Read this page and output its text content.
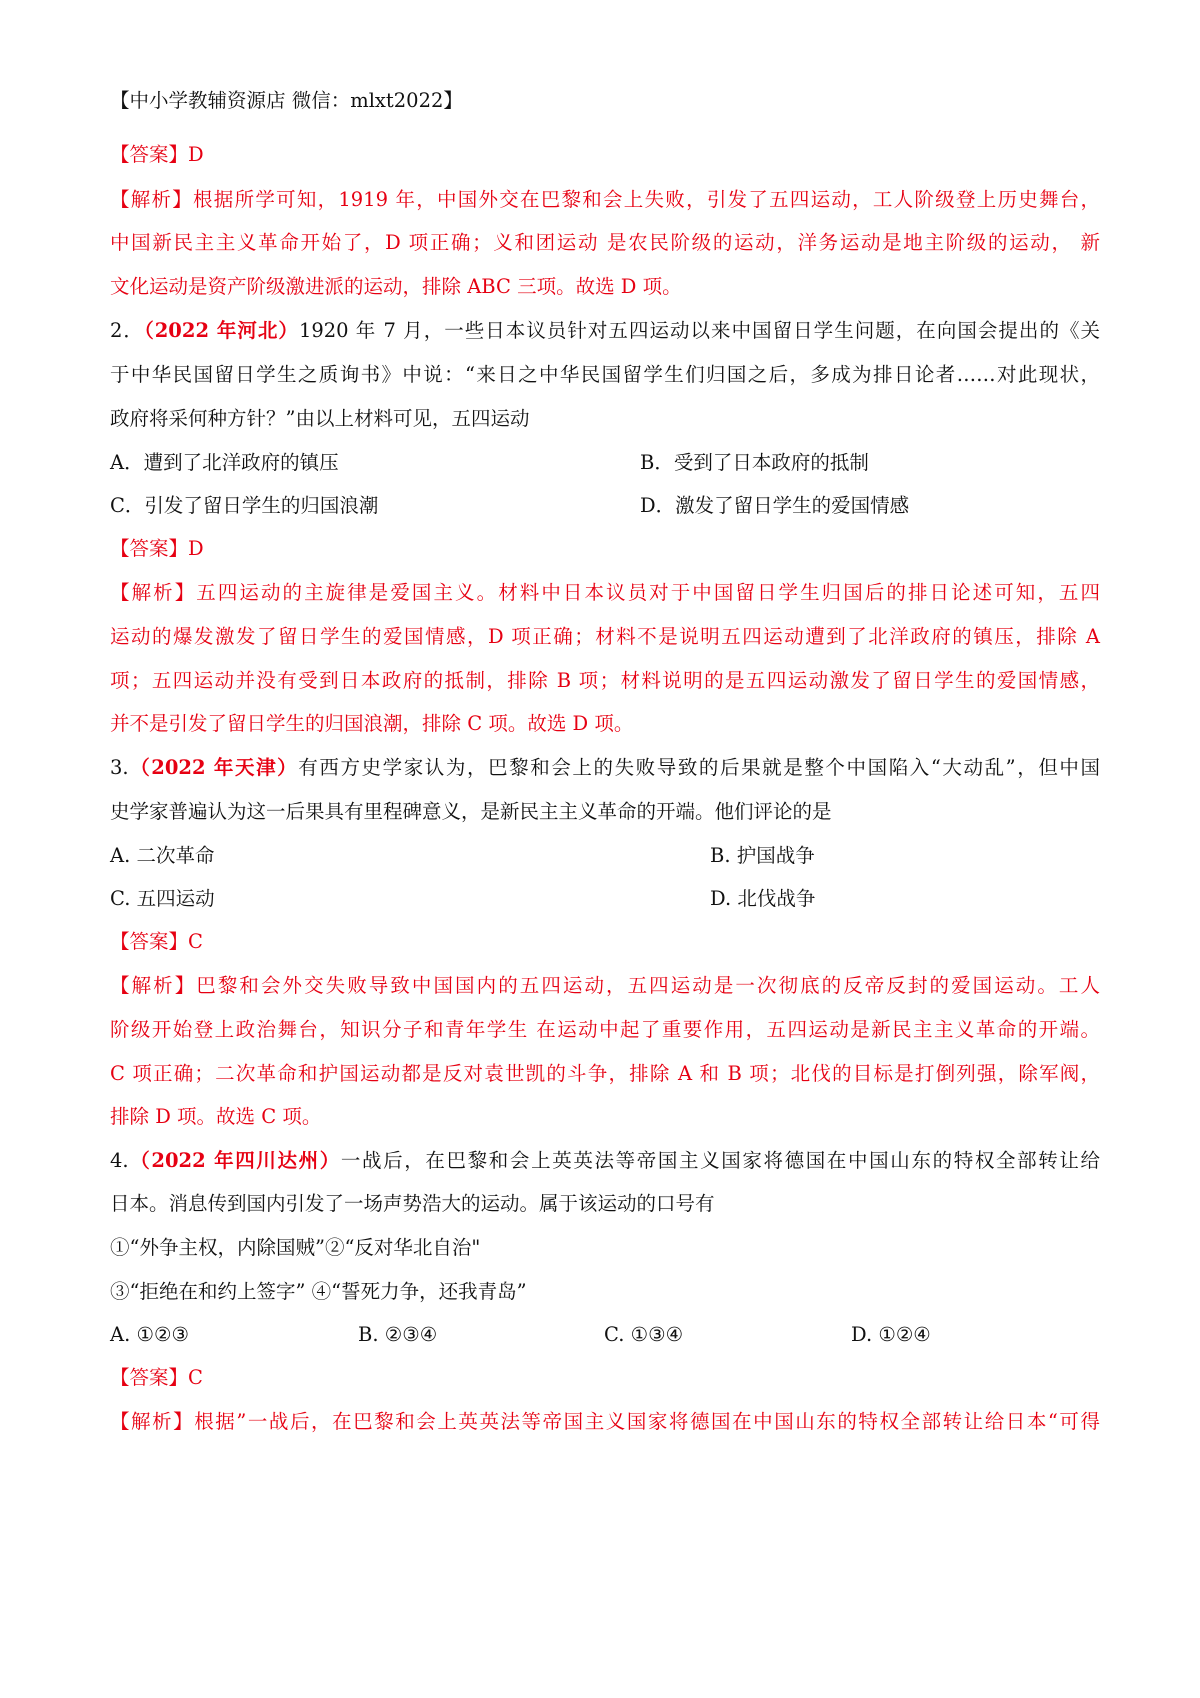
【中小学教辅资源店 微信：mlxt2022】
【答案】D
【解析】根据所学可知，1919 年，中国外交在巴黎和会上失败，引发了五四运动，工人阶级登上历史舞台，
中国新民主主义革命开始了，D 项正确；义和团运动 是农民阶级的运动，洋务运动是地主阶级的运动， 新
文化运动是资产阶级激进派的运动，排除 ABC 三项。故选 D 项。
2．（2022 年河北）1920 年 7 月，一些日本议员针对五四运动以来中国留日学生问题，在向国会提出的《关
于中华民国留日学生之质询书》中说：“来日之中华民国留学生们归国之后，多成为排日论者……对此现状，
政府将采何种方针？”由以上材料可见，五四运动
A．遭到了北洋政府的镇压	B．受到了日本政府的抵制
C．引发了留日学生的归国浪潮	D．激发了留日学生的爱国情感
【答案】D
【解析】五四运动的主旋律是爱国主义。材料中日本议员对于中国留日学生归国后的排日论述可知，五四
运动的爆发激发了留日学生的爱国情感，D 项正确；材料不是说明五四运动遭到了北洋政府的镇压，排除 A
项；五四运动并没有受到日本政府的抵制，排除 B 项；材料说明的是五四运动激发了留日学生的爱国情感，
并不是引发了留日学生的归国浪潮，排除 C 项。故选 D 项。
3.（2022 年天津）有西方史学家认为，巴黎和会上的失败导致的后果就是整个中国陷入“大动乱”，但中国
史学家普遍认为这一后果具有里程碑意义，是新民主主义革命的开端。他们评论的是
A. 二次革命	B. 护国战争
C. 五四运动	D. 北伐战争
【答案】C
【解析】巴黎和会外交失败导致中国国内的五四运动，五四运动是一次彻底的反帝反封的爱国运动。工人
阶级开始登上政治舞台，知识分子和青年学生 在运动中起了重要作用，五四运动是新民主主义革命的开端。
C 项正确；二次革命和护国运动都是反对袁世凯的斗争，排除 A 和 B 项；北伐的目标是打倒列强，除军阀，
排除 D 项。故选 C 项。
4.（2022 年四川达州）一战后，在巴黎和会上英英法等帝国主义国家将德国在中国山东的特权全部转让给
日本。消息传到国内引发了一场声势浩大的运动。属于该运动的口号有
①“外争主权，内除国贼”②“反对华北自治"
③“拒绝在和约上签字” ④“誓死力争，还我青岛”
A. ①②③	B. ②③④	C. ①③④	D. ①②④
【答案】C
【解析】根据”一战后，在巴黎和会上英英法等帝国主义国家将德国在中国山东的特权全部转让给日本“可得
